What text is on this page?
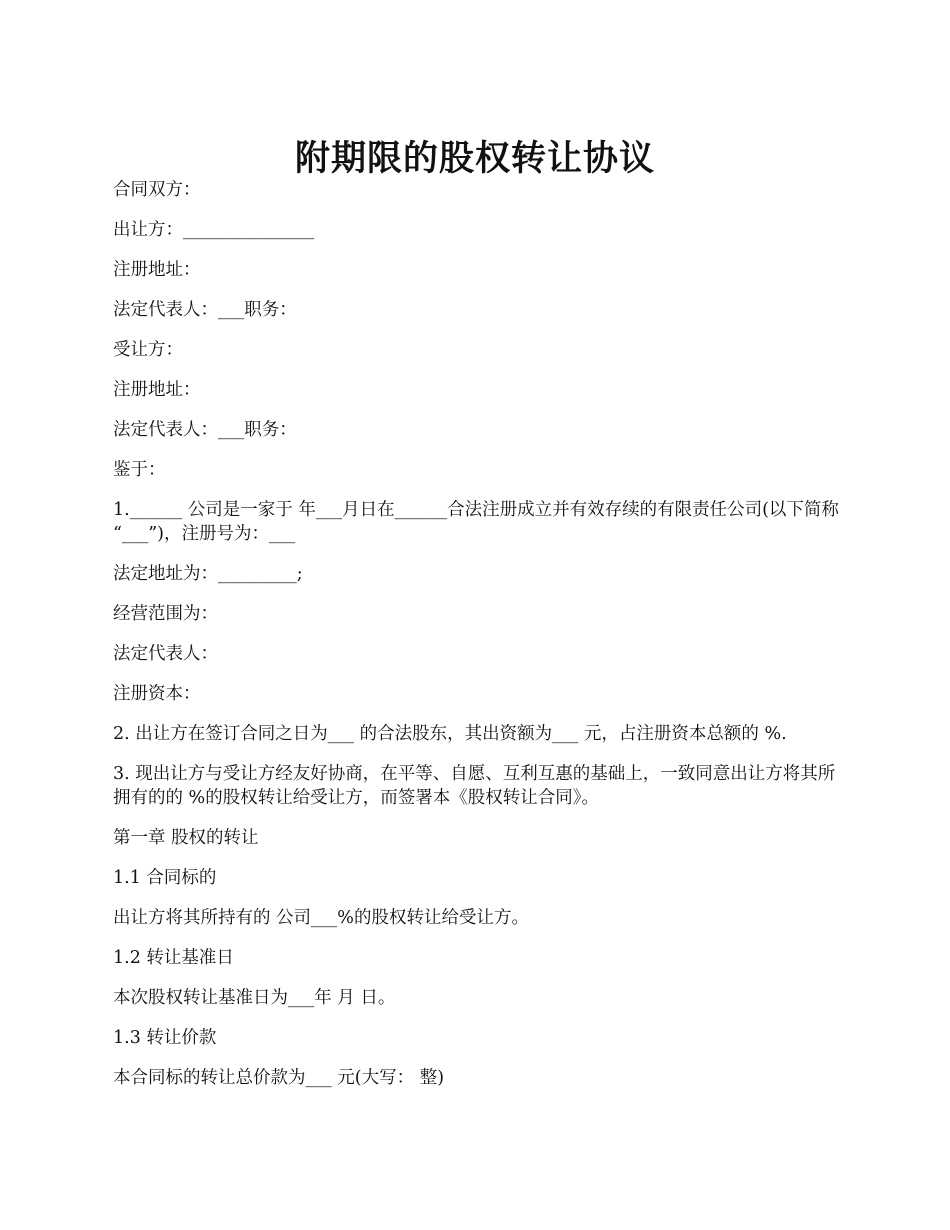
附期限的股权转让协议

合同双方：

出让方：_______________

注册地址：

法定代表人：___职务：

受让方：

注册地址：

法定代表人：___职务：

鉴于：

1.______ 公司是一家于 年___月日在______合法注册成立并有效存续的有限责任公司(以下简称 “___”)，注册号为：___

法定地址为：_________;

经营范围为：

法定代表人：

注册资本：

2. 出让方在签订合同之日为___ 的合法股东，其出资额为___ 元，占注册资本总额的 %.

3. 现出让方与受让方经友好协商，在平等、自愿、互利互惠的基础上，一致同意出让方将其所拥有的的 %的股权转让给受让方，而签署本《股权转让合同》。

第一章 股权的转让

1.1 合同标的

出让方将其所持有的 公司___%的股权转让给受让方。

1.2 转让基准日

本次股权转让基准日为___年 月 日。

1.3 转让价款

本合同标的转让总价款为___ 元(大写： 整)
